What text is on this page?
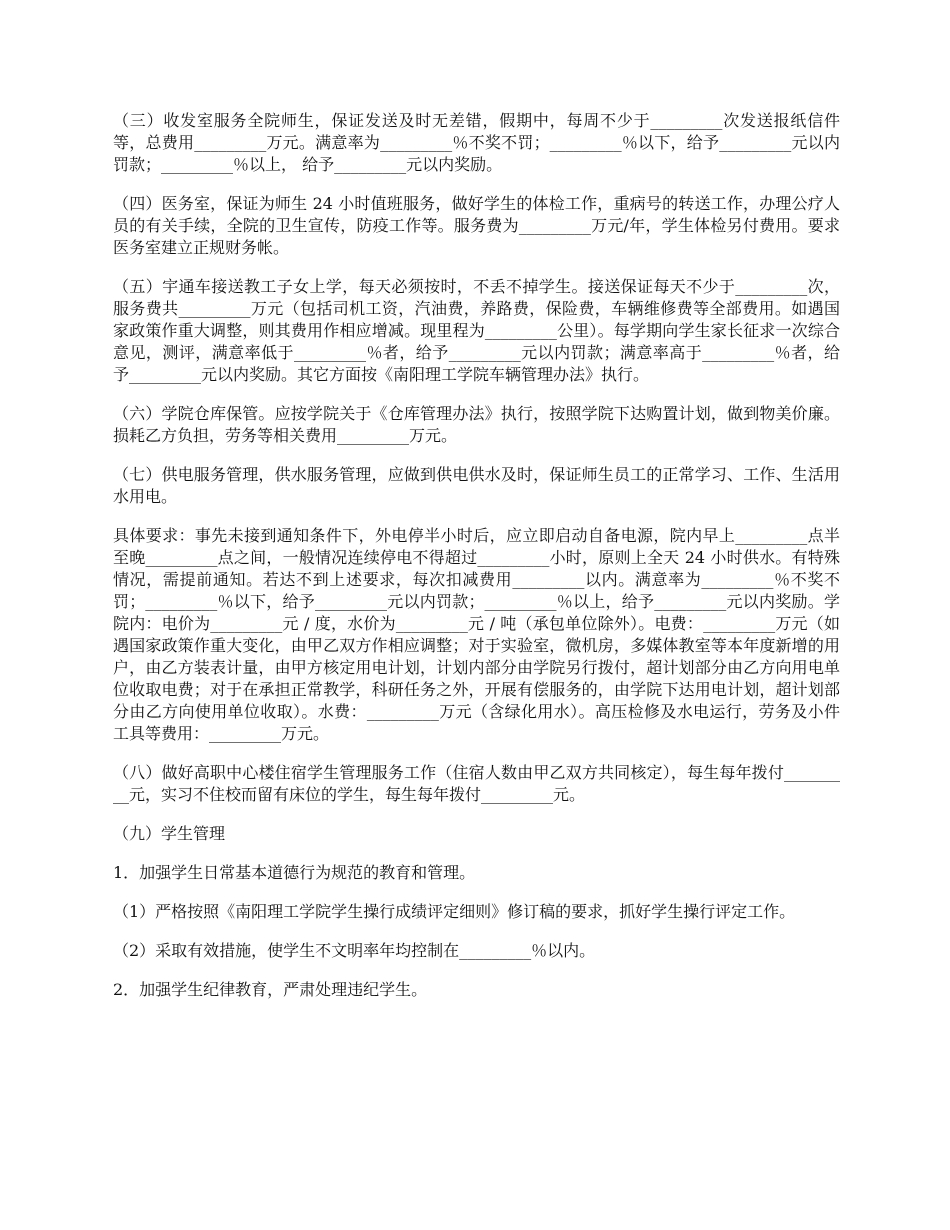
（三）收发室服务全院师生，保证发送及时无差错，假期中，每周不少于_________次发送报纸信件等，总费用_________万元。满意率为_________％不奖不罚；_________％以下，给予_________元以内罚款；_________％以上， 给予_________元以内奖励。

（四）医务室，保证为师生 24 小时值班服务，做好学生的体检工作，重病号的转送工作，办理公疗人员的有关手续，全院的卫生宣传，防疫工作等。服务费为_________万元/年，学生体检另付费用。要求医务室建立正规财务帐。

（五）宇通车接送教工子女上学，每天必须按时，不丢不掉学生。接送保证每天不少于_________次，服务费共_________万元（包括司机工资，汽油费，养路费，保险费，车辆维修费等全部费用。如遇国家政策作重大调整，则其费用作相应增减。现里程为_________公里）。每学期向学生家长征求一次综合意见，测评，满意率低于_________％者，给予_________元以内罚款；满意率高于_________％者，给予_________元以内奖励。其它方面按《南阳理工学院车辆管理办法》执行。

（六）学院仓库保管。应按学院关于《仓库管理办法》执行，按照学院下达购置计划，做到物美价廉。损耗乙方负担，劳务等相关费用_________万元。

（七）供电服务管理，供水服务管理，应做到供电供水及时，保证师生员工的正常学习、工作、生活用水用电。

具体要求：事先未接到通知条件下，外电停半小时后，应立即启动自备电源，院内早上_________点半至晚_________点之间，一般情况连续停电不得超过_________小时，原则上全天 24 小时供水。有特殊情况，需提前通知。若达不到上述要求，每次扣减费用_________以内。满意率为_________％不奖不罚；_________％以下，给予_________元以内罚款；_________％以上，给予_________元以内奖励。学院内：电价为_________元 / 度，水价为_________元 / 吨（承包单位除外）。电费：_________万元（如遇国家政策作重大变化，由甲乙双方作相应调整；对于实验室，微机房，多媒体教室等本年度新增的用户，由乙方装表计量，由甲方核定用电计划，计划内部分由学院另行拨付，超计划部分由乙方向用电单位收取电费；对于在承担正常教学，科研任务之外，开展有偿服务的，由学院下达用电计划，超计划部分由乙方向使用单位收取）。水费：_________万元（含绿化用水）。高压检修及水电运行，劳务及小件工具等费用：_________万元。

（八）做好高职中心楼住宿学生管理服务工作（住宿人数由甲乙双方共同核定），每生每年拨付_________元，实习不住校而留有床位的学生，每生每年拨付_________元。

（九）学生管理

1．加强学生日常基本道德行为规范的教育和管理。

（1）严格按照《南阳理工学院学生操行成绩评定细则》修订稿的要求，抓好学生操行评定工作。

（2）采取有效措施，使学生不文明率年均控制在_________％以内。

2．加强学生纪律教育，严肃处理违纪学生。
